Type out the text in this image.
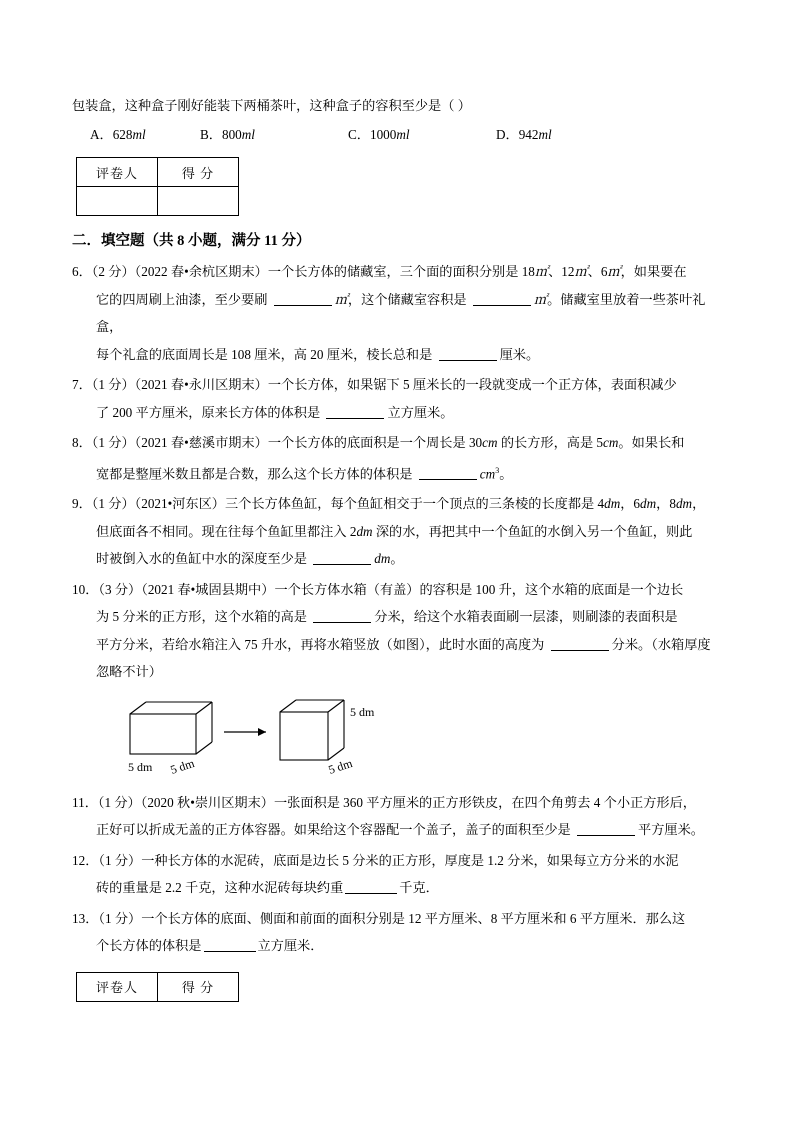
包装盒，这种盒子刚好能装下两桶茶叶，这种盒子的容积至少是（ ）
A．628ml	B．800ml	C．1000ml	D．942ml
评卷人	得 分

二．填空题（共 8 小题，满分 11 分）
6．（2 分）（2022 春•余杭区期末）一个长方体的储藏室，三个面的面积分别是 18㎡、12㎡、6㎡，如果要在
它的四周刷上油漆，至少要刷	㎡，这个储藏室容积是	㎡。储藏室里放着一些茶叶礼盒，
每个礼盒的底面周长是 108 厘米，高 20 厘米，棱长总和是	厘米。
7．（1 分）（2021 春•永川区期末）一个长方体，如果锯下 5 厘米长的一段就变成一个正方体，表面积减少
了 200 平方厘米，原来长方体的体积是	立方厘米。
8．（1 分）（2021 春•慈溪市期末）一个长方体的底面积是一个周长是 30cm 的长方形，高是 5cm。如果长和
宽都是整厘米数且都是合数，那么这个长方体的体积是	$cm^3$。
9．（1 分）（2021•河东区）三个长方体鱼缸，每个鱼缸相交于一个顶点的三条棱的长度都是 4dm，6dm，8dm，
但底面各不相同。现在往每个鱼缸里都注入 2dm 深的水，再把其中一个鱼缸的水倒入另一个鱼缸，则此
时被倒入水的鱼缸中水的深度至少是	dm。
10．（3 分）（2021 春•城固县期中）一个长方体水箱（有盖）的容积是 100 升，这个水箱的底面是一个边长
为 5 分米的正方形，这个水箱的高是	分米，给这个水箱表面刷一层漆，则刷漆的表面积是
平方分米，若给水箱注入 75 升水，再将水箱竖放（如图），此时水面的高度为	分米。（水箱厚度
忽略不计）
5 dm 5 dm
5 dm
5 dm
11．（1 分）（2020 秋•崇川区期末）一张面积是 360 平方厘米的正方形铁皮，在四个角剪去 4 个小正方形后，
正好可以折成无盖的正方体容器。如果给这个容器配一个盖子，盖子的面积至少是	平方厘米。
12．（1 分）一种长方体的水泥砖，底面是边长 5 分米的正方形，厚度是 1.2 分米，如果每立方分米的水泥
砖的重量是 2.2 千克，这种水泥砖每块约重	千克．
13．（1 分）一个长方体的底面、侧面和前面的面积分别是 12 平方厘米、8 平方厘米和 6 平方厘米．那么这
个长方体的体积是	立方厘米．
评卷人	得 分
